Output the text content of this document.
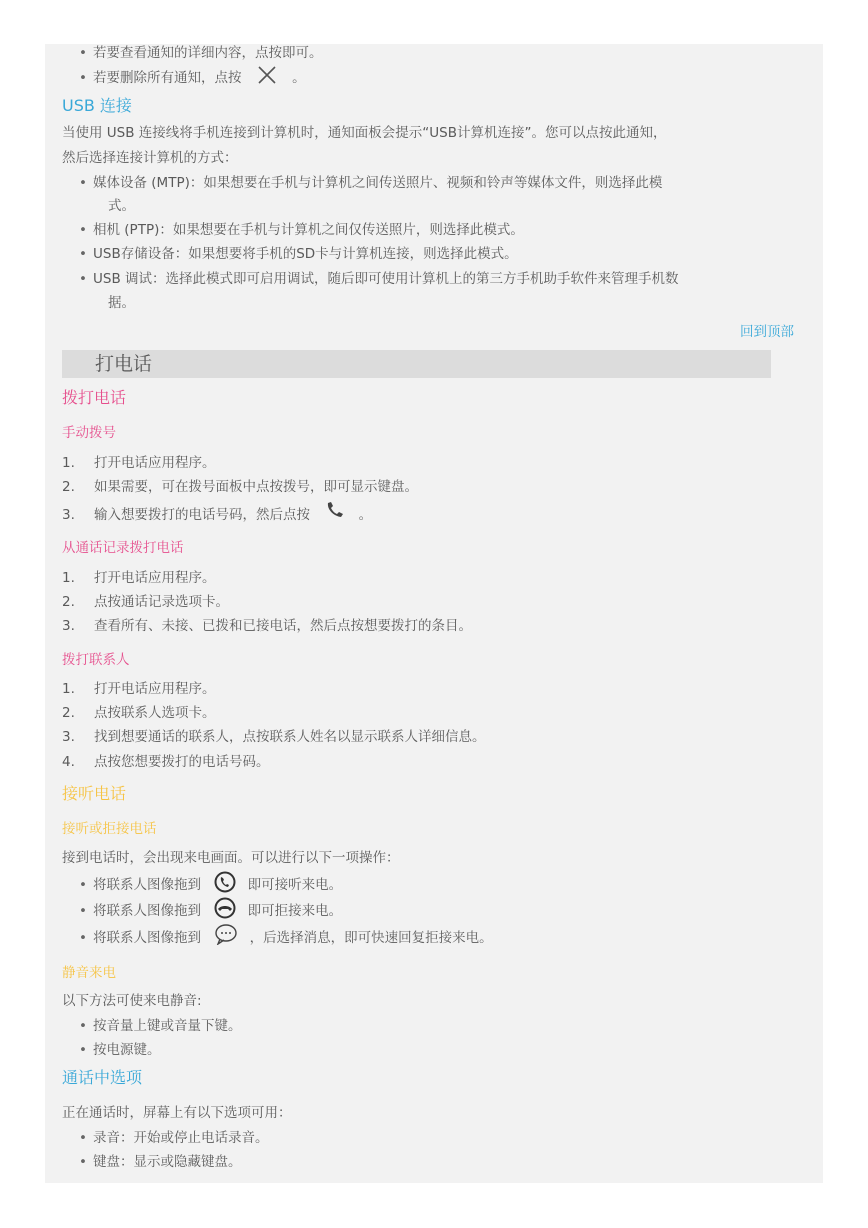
• 若要查看通知的详细内容，点按即可。
• 若要删除所有通知，点按	。
USB 连接
当使用 USB 连接线将手机连接到计算机时，通知面板会提示“USB计算机连接”。您可以点按此通知，
然后选择连接计算机的方式：
• 媒体设备 (MTP)：如果想要在手机与计算机之间传送照片、视频和铃声等媒体文件，则选择此模
式。
• 相机 (PTP)：如果想要在手机与计算机之间仅传送照片，则选择此模式。
• USB存储设备：如果想要将手机的SD卡与计算机连接，则选择此模式。
• USB 调试：选择此模式即可启用调试，随后即可使用计算机上的第三方手机助手软件来管理手机数
据。
回到顶部
打电话
拨打电话
手动拨号
1. 打开电话应用程序。
2. 如果需要，可在拨号面板中点按拨号，即可显示键盘。
3. 输入想要拨打的电话号码，然后点按	。
从通话记录拨打电话
1. 打开电话应用程序。
2. 点按通话记录选项卡。
3. 查看所有、未接、已拨和已接电话，然后点按想要拨打的条目。
拨打联系人
1. 打开电话应用程序。
2. 点按联系人选项卡。
3. 找到想要通话的联系人，点按联系人姓名以显示联系人详细信息。
4. 点按您想要拨打的电话号码。
接听电话
接听或拒接电话
接到电话时，会出现来电画面。可以进行以下一项操作：
• 将联系人图像拖到	即可接听来电。
• 将联系人图像拖到	即可拒接来电。
• 将联系人图像拖到	，后选择消息，即可快速回复拒接来电。
静音来电
以下方法可使来电静音:
• 按音量上键或音量下键。
• 按电源键。
通话中选项
正在通话时，屏幕上有以下选项可用：
• 录音：开始或停止电话录音。
• 键盘：显示或隐藏键盘。
